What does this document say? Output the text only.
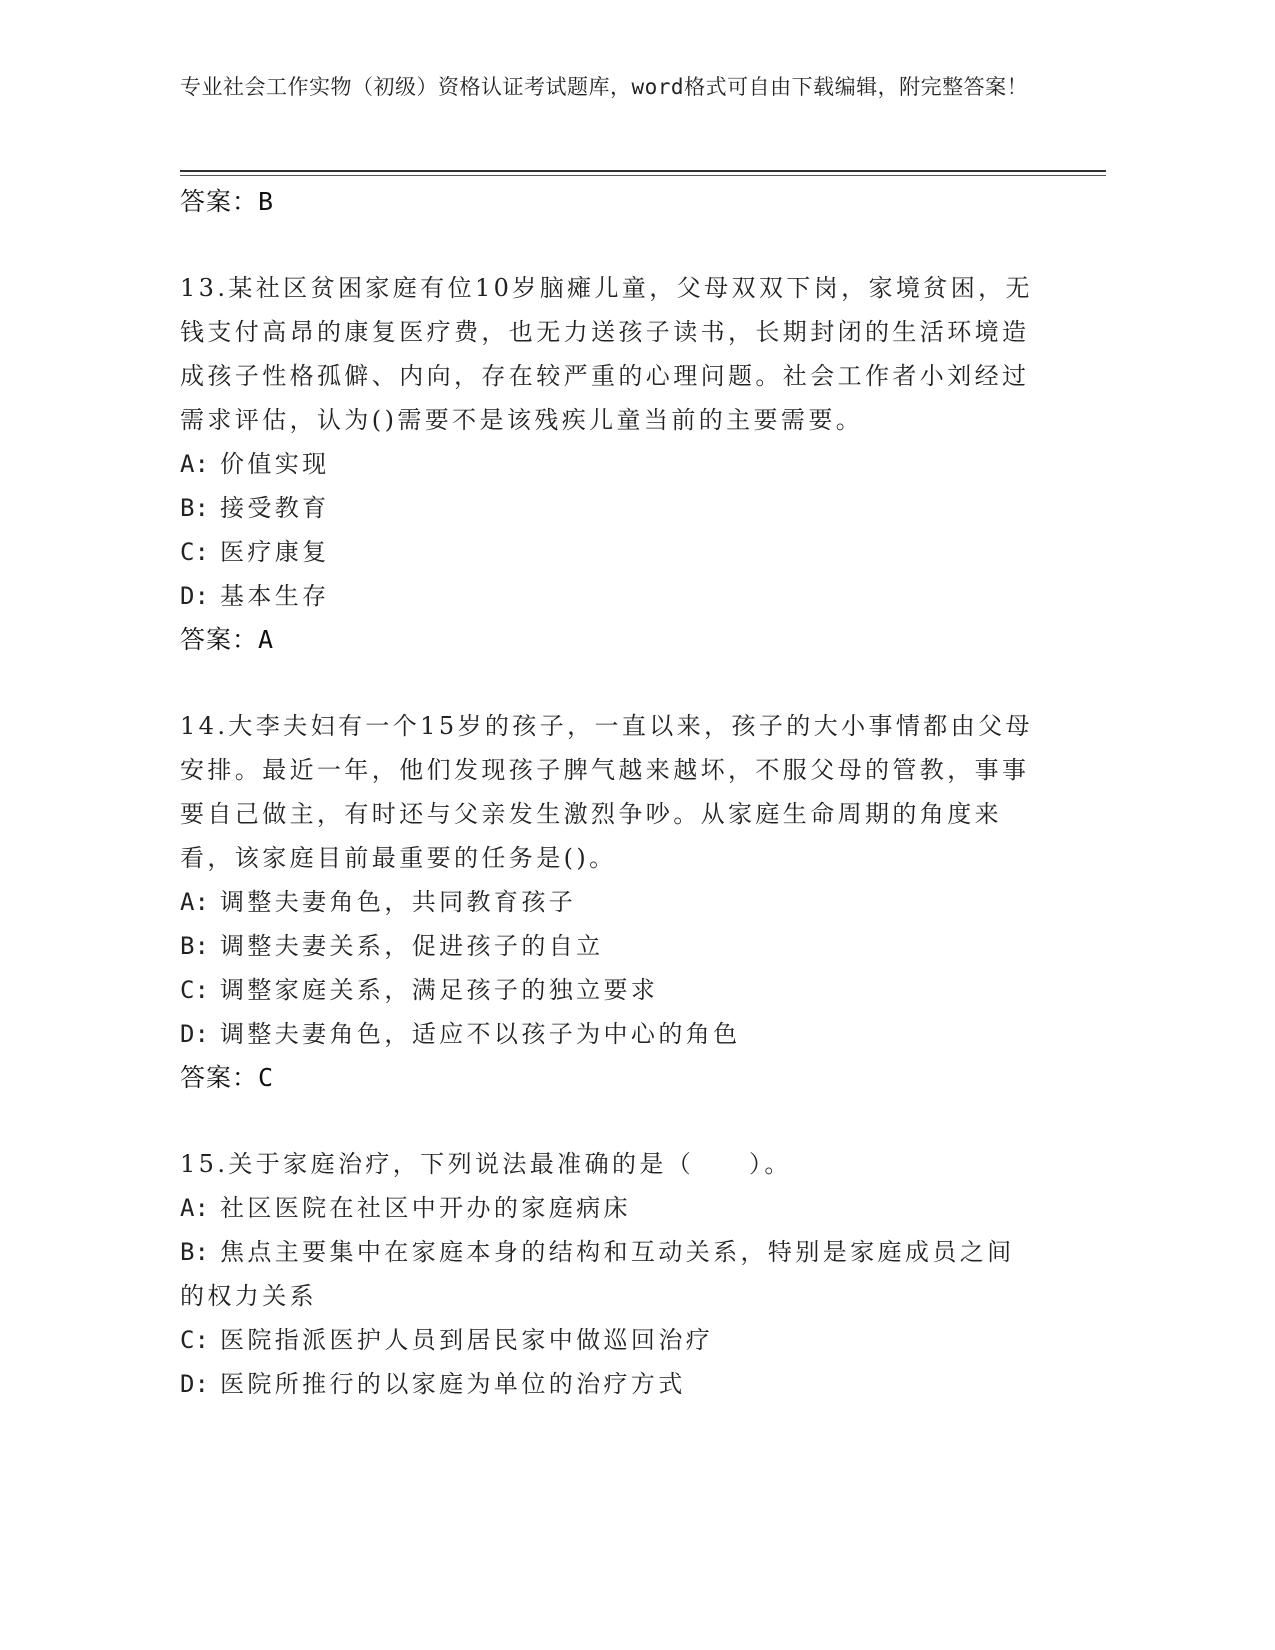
专业社会工作实物（初级）资格认证考试题库，word格式可自由下载编辑，附完整答案！
答案：B
13.某社区贫困家庭有位10岁脑瘫儿童，父母双双下岗，家境贫困，无钱支付高昂的康复医疗费，也无力送孩子读书，长期封闭的生活环境造成孩子性格孤僻、内向，存在较严重的心理问题。社会工作者小刘经过需求评估，认为()需要不是该残疾儿童当前的主要需要。
A: 价值实现
B: 接受教育
C: 医疗康复
D: 基本生存
答案：A
14.大李夫妇有一个15岁的孩子，一直以来，孩子的大小事情都由父母安排。最近一年，他们发现孩子脾气越来越坏，不服父母的管教，事事要自己做主，有时还与父亲发生激烈争吵。从家庭生命周期的角度来看，该家庭目前最重要的任务是()。
A: 调整夫妻角色，共同教育孩子
B: 调整夫妻关系，促进孩子的自立
C: 调整家庭关系，满足孩子的独立要求
D: 调整夫妻角色，适应不以孩子为中心的角色
答案：C
15.关于家庭治疗，下列说法最准确的是（　　）。
A: 社区医院在社区中开办的家庭病床
B: 焦点主要集中在家庭本身的结构和互动关系，特别是家庭成员之间的权力关系
C: 医院指派医护人员到居民家中做巡回治疗
D: 医院所推行的以家庭为单位的治疗方式
